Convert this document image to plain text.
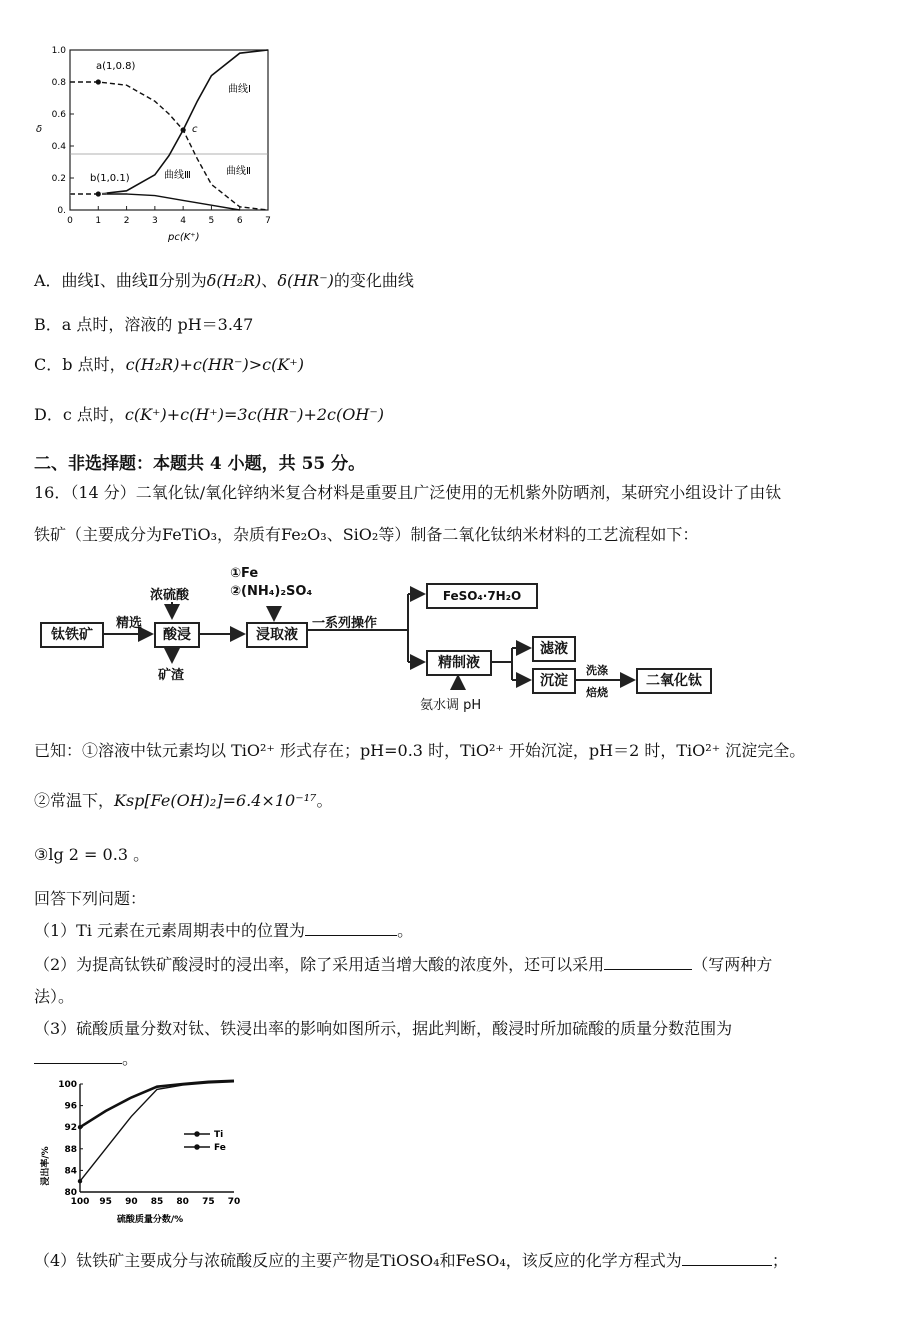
0.
0.2
0.4
0.6
0.8
1.0
0	1	2	3	4	5	6	7
δ
pc(K⁺)
a(1,0.8)
b(1,0.1)
c
曲线Ⅰ
曲线Ⅱ
曲线Ⅲ
A．曲线Ⅰ、曲线Ⅱ分别为δ(H₂R)、δ(HR⁻)的变化曲线
B．a 点时，溶液的 pH＝3.47
C．b 点时，c(H₂R)+c(HR⁻)>c(K⁺)
D．c 点时，c(K⁺)+c(H⁺)=3c(HR⁻)+2c(OH⁻)
二、非选择题：本题共 4 小题，共 55 分。
16．（14 分）二氧化钛/氧化锌纳米复合材料是重要且广泛使用的无机紫外防晒剂，某研究小组设计了由钛
铁矿（主要成分为FeTiO₃，杂质有Fe₂O₃、SiO₂等）制备二氧化钛纳米材料的工艺流程如下：
钛铁矿
精选
浓硫酸
酸浸
矿渣
①Fe
②(NH₄)₂SO₄
浸取液
一系列操作
FeSO₄·7H₂O
精制液
氨水调 pH
滤液
沉淀
洗涤
焙烧
二氧化钛
已知：①溶液中钛元素均以 TiO²⁺ 形式存在；pH=0.3 时，TiO²⁺ 开始沉淀，pH＝2 时，TiO²⁺ 沉淀完全。
②常温下，Ksp[Fe(OH)₂]=6.4×10⁻¹⁷。
③lg 2 = 0.3 。
回答下列问题：
（1）Ti 元素在元素周期表中的位置为	。
（2）为提高钛铁矿酸浸时的浸出率，除了采用适当增大酸的浓度外，还可以采用	（写两种方
法）。
（3）硫酸质量分数对钛、铁浸出率的影响如图所示，据此判断，酸浸时所加硫酸的质量分数范围为
。
80
84
88
92
96
100
100 95 90 85 80 75 70
浸出率/%
硫酸质量分数/%
Ti
Fe
（4）钛铁矿主要成分与浓硫酸反应的主要产物是TiOSO₄和FeSO₄，该反应的化学方程式为	；
